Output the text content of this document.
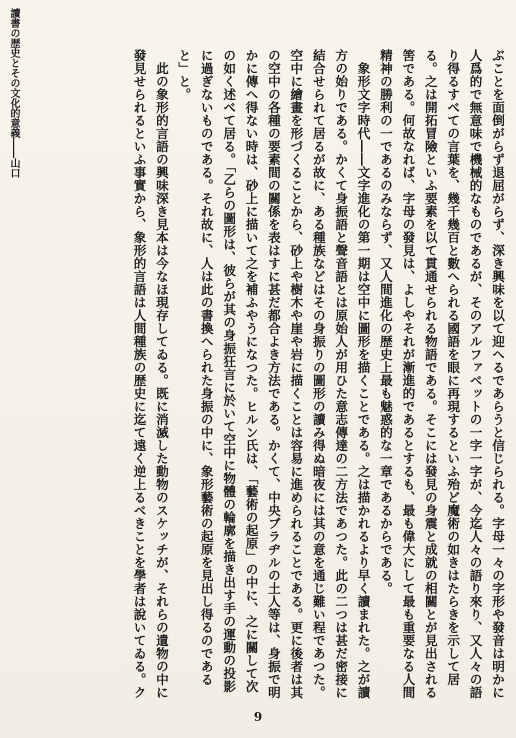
讀書の歴史とその文化的意義――山口	ぶことを面倒がらず退屈がらず、深き興味を以て迎へるであらうと信じられる。字母一々の字形や發音は明かに人爲的で無意味で機械的なものであるが、そのアルファベットの一字一字が、今迄人々の語り來り、又人々の語り得るすべての言葉を、幾千幾百と數へられる國語を眼に再現するといふ殆ど魔術の如きはたらきを示して居る。之は開拓冒險といふ要素を以て貫通せられる物語である。そこには發見の身震と成就の相關とが見出される筈である。何故なれば、字母の發見は、よしやそれが漸進的であるとするも、最も偉大にして最も重要なる人間精神の勝利の一であるのみならず、又人間進化の歴史上最も魅惑的な一章であるからである。

象形文字時代――文字進化の第一期は空中に圖形を描くことである。之は描かれるより早く讀まれた。之が讀方の始りである。かくて身振語と聲音語とは原始人が用ひた意志傳達の二方法であつた。此の二つは甚だ密接に結合せられて居るが故に、ある種族などはその身振りの圖形の讀み得ぬ暗夜には其の意を通じ難い程であつた。空中に繪畫を形づくることから、砂上や樹木や崖や岩に描くことは容易に進められることである。更に後者は其の空中の各種の要素間の關係を表はすに甚だ都合よき方法である。かくて、中央ブラヂルの土人等は、身振で明かに傳へ得ない時は、砂上に描いて之を補ふやうになつた。ヒルン氏は、「藝術の起原」の中に、之に關して次の如く述べて居る。「乙らの圖形は、彼らが其の身振狂言に於いて空中に物體の輪廓を描き出す手の運動の投影に過ぎないものである。それ故に、人は此の書換へられた身振の中に、象形藝術の起原を見出し得るのであると」と。

此の象形的言語の興味深き見本は今なほ現存してゐる。既に消滅した動物のスケッチが、それらの遺物の中に發見せられるといふ事實から、象形的言語は人間種族の歴史に迄て遠く逆上るべきことを學者は說いてゐる。ク

9
